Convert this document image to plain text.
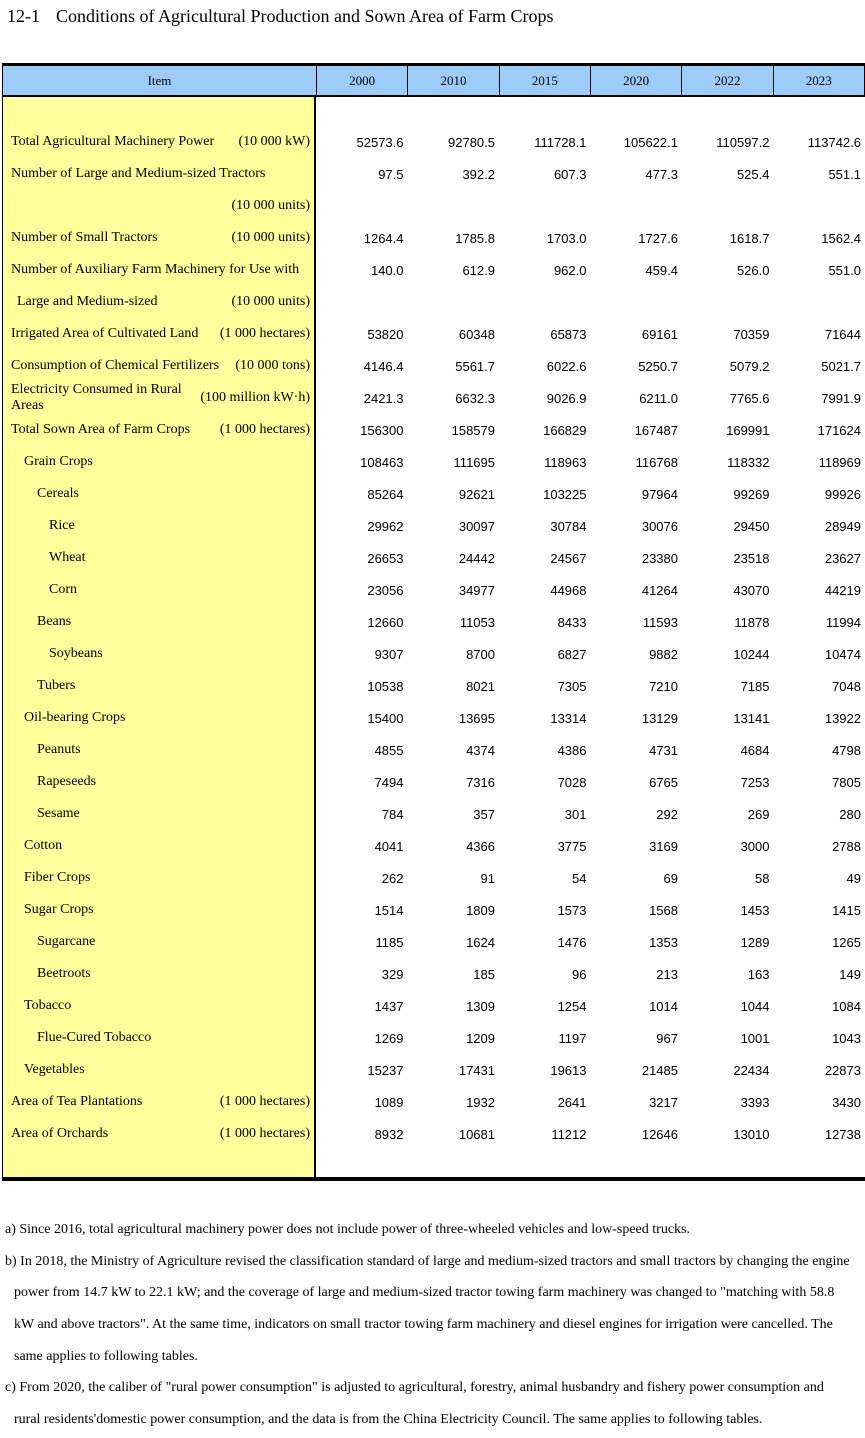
12-1 Conditions of Agricultural Production and Sown Area of Farm Crops
Item	2000	2010	2015	2020	2022	2023
Total Agricultural Machinery Power (10 000 kW)	52573.6	92780.5	111728.1	105622.1	110597.2	113742.6
Number of Large and Medium-sized Tractors	97.5	392.2	607.3	477.3	525.4	551.1
(10 000 units)
Number of Small Tractors	(10 000 units)	1264.4	1785.8	1703.0	1727.6	1618.7	1562.4
Number of Auxiliary Farm Machinery for Use with	140.0	612.9	962.0	459.4	526.0	551.0
Large and Medium-sized	(10 000 units)
Irrigated Area of Cultivated Land (1 000 hectares)	53820	60348	65873	69161	70359	71644
Consumption of Chemical Fertilizers (10 000 tons)	4146.4	5561.7	6022.6	5250.7	5079.2	5021.7
Electricity Consumed in Rural Areas
(100 million kW·h)	2421.3	6632.3	9026.9	6211.0	7765.6	7991.9
Total Sown Area of Farm Crops (1 000 hectares)	156300	158579	166829	167487	169991	171624
Grain Crops	108463	111695	118963	116768	118332	118969
Cereals	85264	92621	103225	97964	99269	99926
Rice	29962	30097	30784	30076	29450	28949
Wheat	26653	24442	24567	23380	23518	23627
Corn	23056	34977	44968	41264	43070	44219
Beans	12660	11053	8433	11593	11878	11994
Soybeans	9307	8700	6827	9882	10244	10474
Tubers	10538	8021	7305	7210	7185	7048
Oil-bearing Crops	15400	13695	13314	13129	13141	13922
Peanuts	4855	4374	4386	4731	4684	4798
Rapeseeds	7494	7316	7028	6765	7253	7805
Sesame	784	357	301	292	269	280
Cotton	4041	4366	3775	3169	3000	2788
Fiber Crops	262	91	54	69	58	49
Sugar Crops	1514	1809	1573	1568	1453	1415
Sugarcane	1185	1624	1476	1353	1289	1265
Beetroots	329	185	96	213	163	149
Tobacco	1437	1309	1254	1014	1044	1084
Flue-Cured Tobacco	1269	1209	1197	967	1001	1043
Vegetables	15237	17431	19613	21485	22434	22873
Area of Tea Plantations	(1 000 hectares)	1089	1932	2641	3217	3393	3430
Area of Orchards	(1 000 hectares)	8932	10681	11212	12646	13010	12738
a) Since 2016, total agricultural machinery power does not include power of three-wheeled vehicles and low-speed trucks.
b) In 2018, the Ministry of Agriculture revised the classification standard of large and medium-sized tractors and small tractors by changing the engine
power from 14.7 kW to 22.1 kW; and the coverage of large and medium-sized tractor towing farm machinery was changed to "matching with 58.8
kW and above tractors". At the same time, indicators on small tractor towing farm machinery and diesel engines for irrigation were cancelled. The
same applies to following tables.
c) From 2020, the caliber of "rural power consumption" is adjusted to agricultural, forestry, animal husbandry and fishery power consumption and
rural residents'domestic power consumption, and the data is from the China Electricity Council. The same applies to following tables.
